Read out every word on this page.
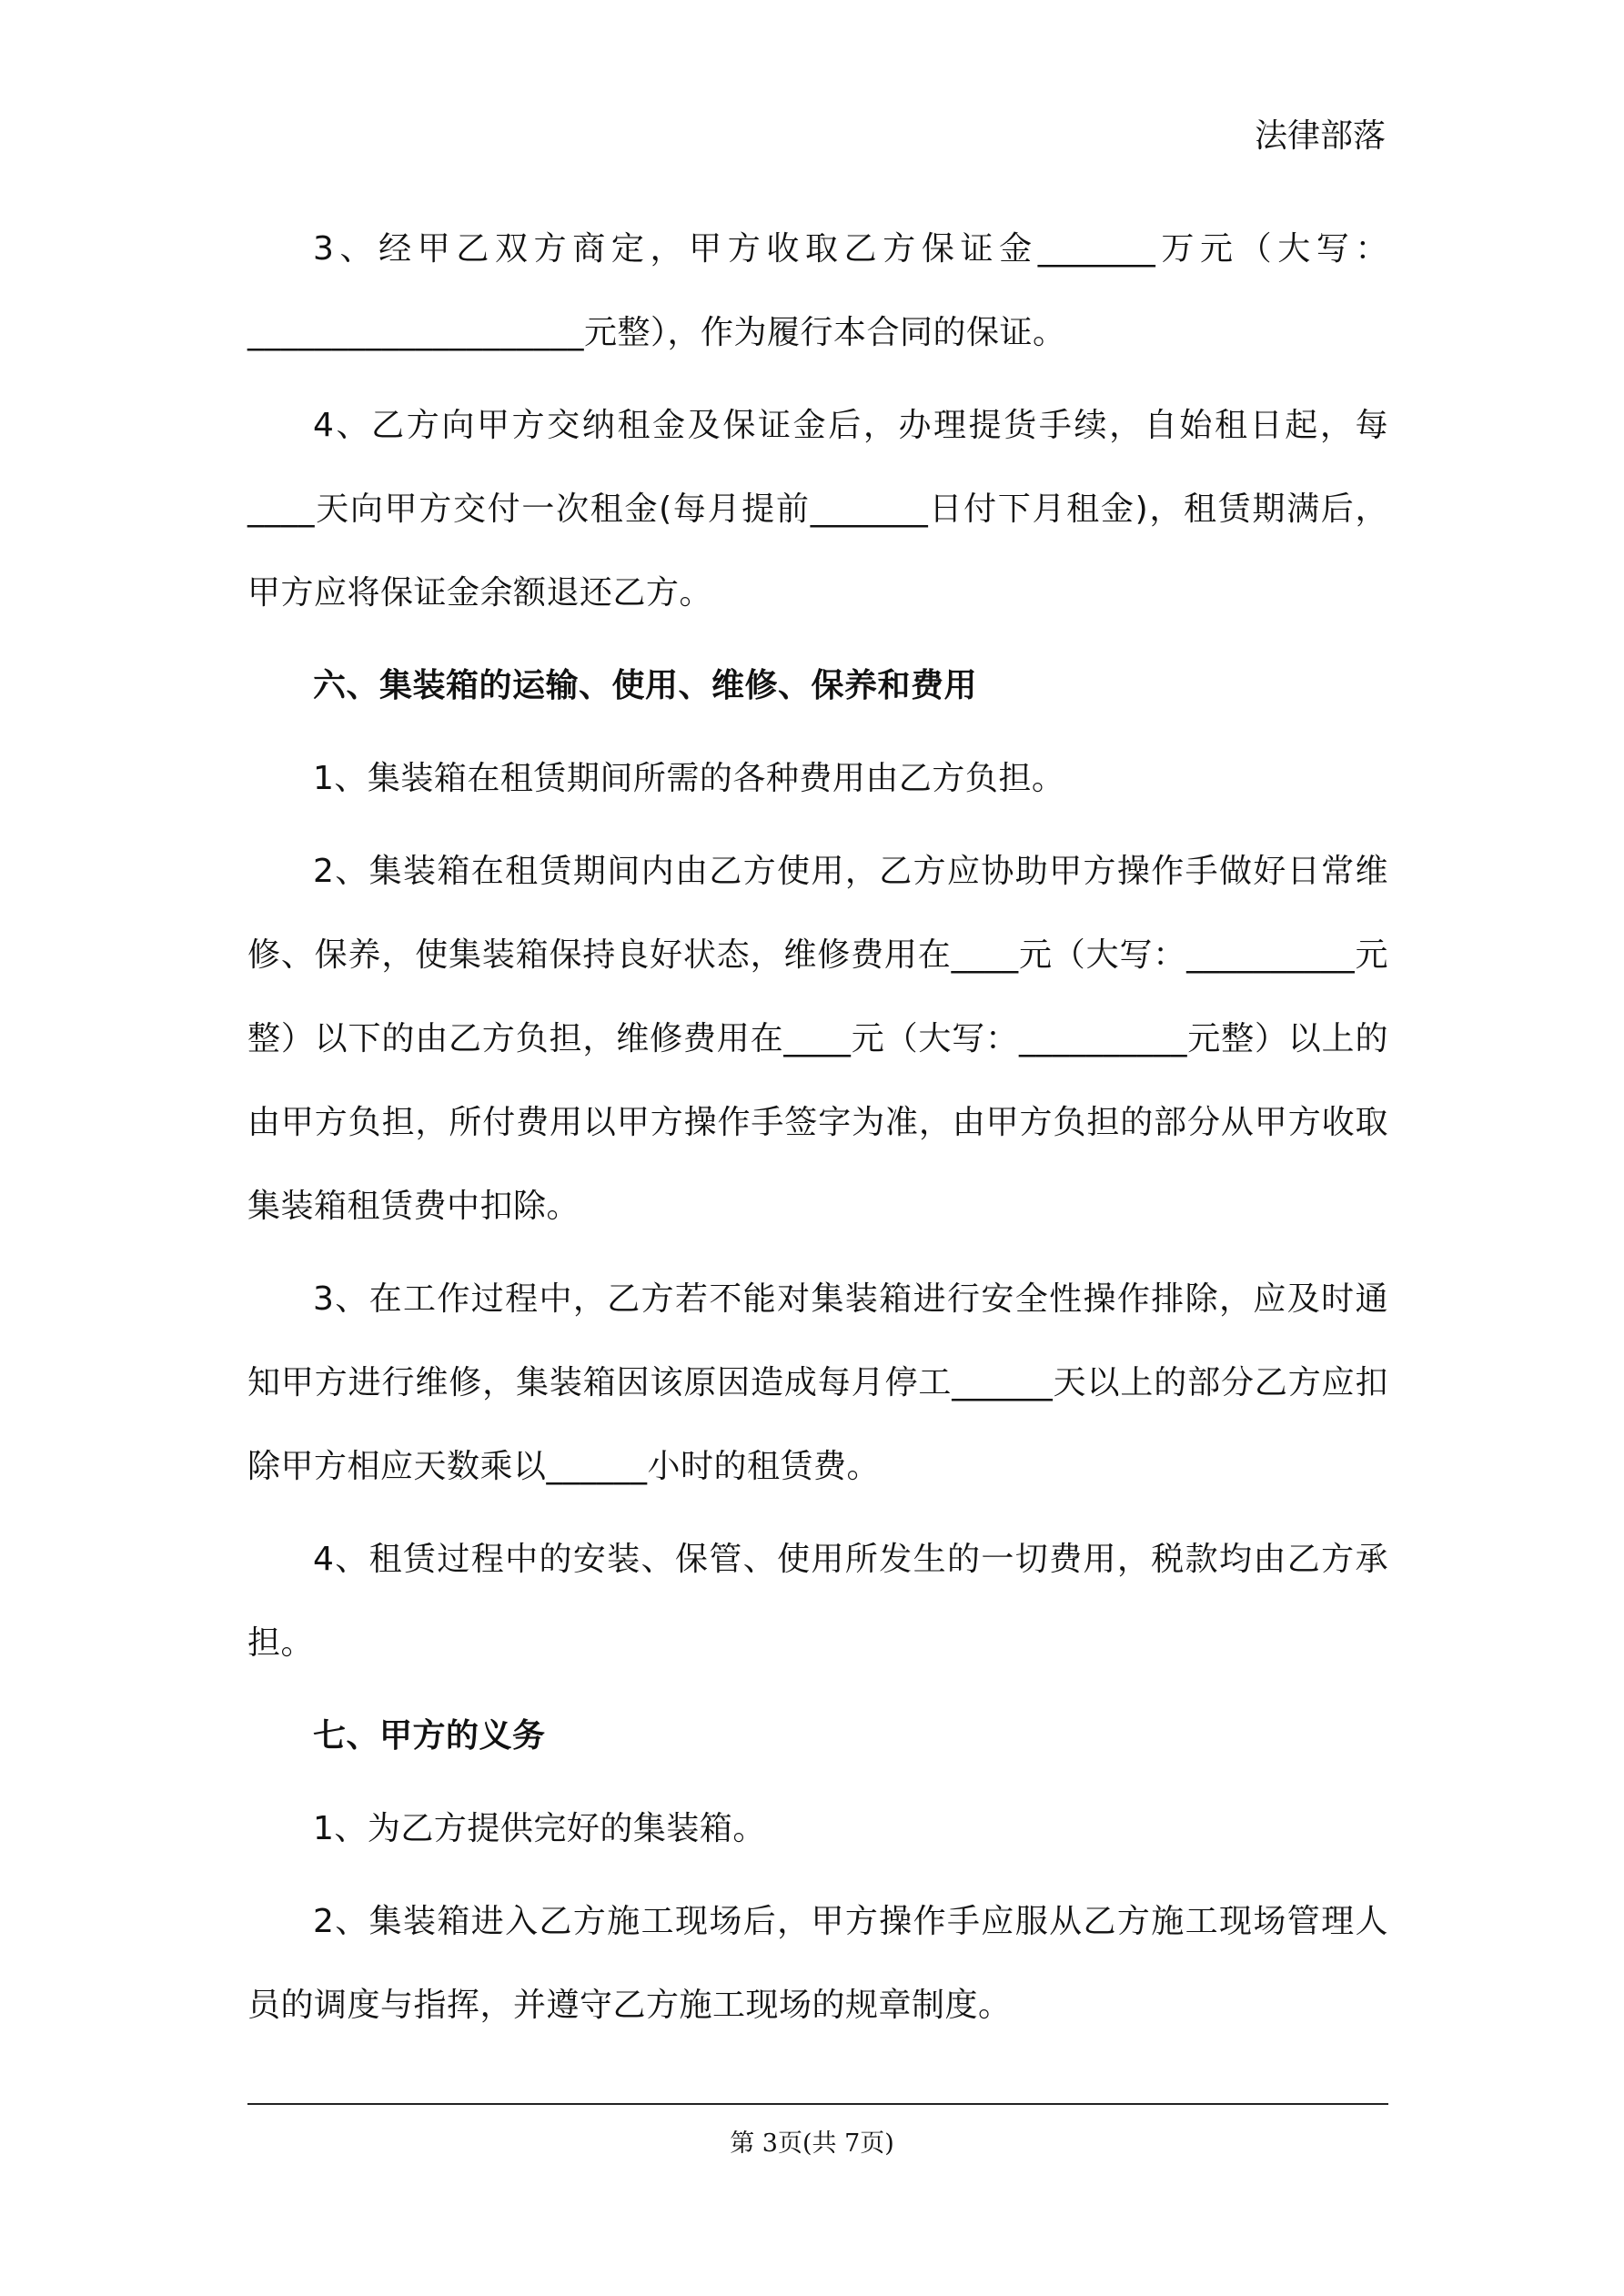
法律部落

3、经甲乙双方商定，甲方收取乙方保证金_______万元（大写：____________________元整），作为履行本合同的保证。

4、乙方向甲方交纳租金及保证金后，办理提货手续，自始租日起，每____天向甲方交付一次租金(每月提前_______日付下月租金)，租赁期满后，甲方应将保证金余额退还乙方。

六、集装箱的运输、使用、维修、保养和费用

1、集装箱在租赁期间所需的各种费用由乙方负担。

2、集装箱在租赁期间内由乙方使用，乙方应协助甲方操作手做好日常维修、保养，使集装箱保持良好状态，维修费用在____元（大写：__________元整）以下的由乙方负担，维修费用在____元（大写：__________元整）以上的由甲方负担，所付费用以甲方操作手签字为准，由甲方负担的部分从甲方收取集装箱租赁费中扣除。

3、在工作过程中，乙方若不能对集装箱进行安全性操作排除，应及时通知甲方进行维修，集装箱因该原因造成每月停工______天以上的部分乙方应扣除甲方相应天数乘以______小时的租赁费。

4、租赁过程中的安装、保管、使用所发生的一切费用，税款均由乙方承担。

七、甲方的义务

1、为乙方提供完好的集装箱。

2、集装箱进入乙方施工现场后，甲方操作手应服从乙方施工现场管理人员的调度与指挥，并遵守乙方施工现场的规章制度。

第 3页(共 7页)
